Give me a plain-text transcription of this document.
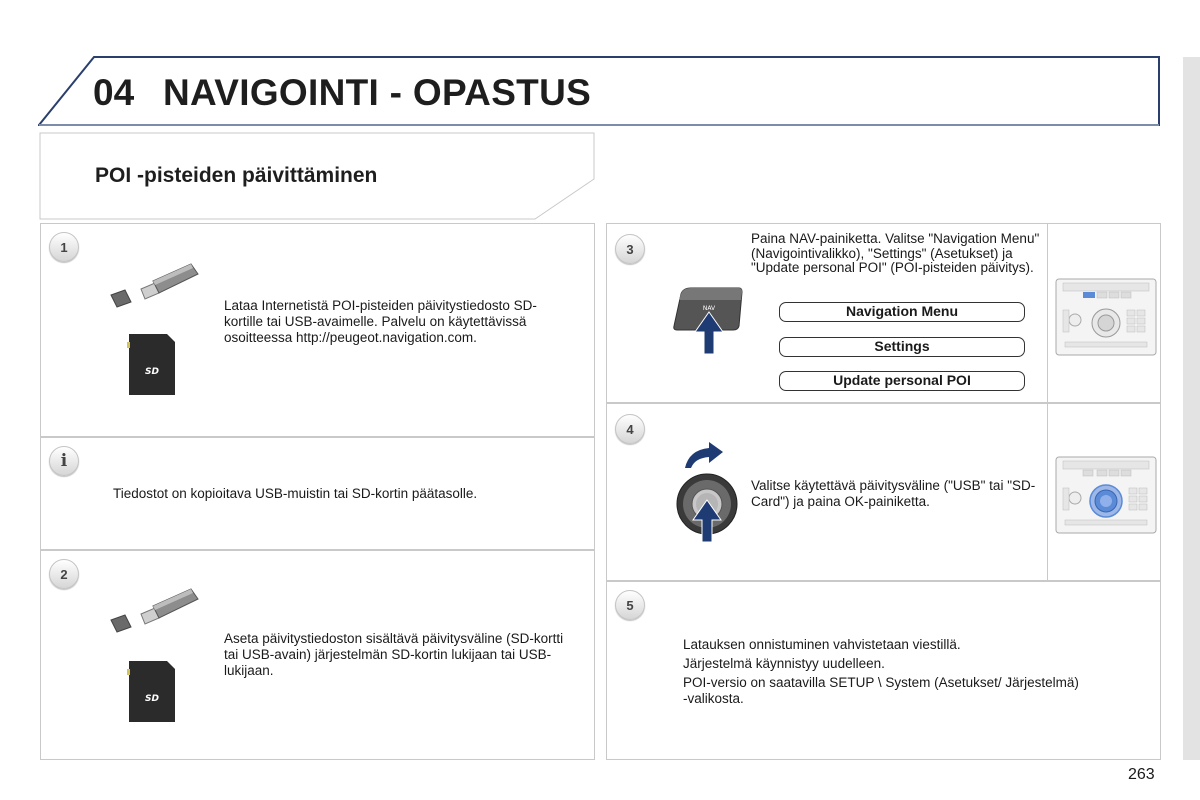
04 NAVIGOINTI - OPASTUS
POI -pisteiden päivittäminen
1
SD
Lataa Internetistä POI-pisteiden päivitystiedosto SD-kortille tai USB-avaimelle. Palvelu on käytettävissä osoitteessa http://peugeot.navigation.com.
i
Tiedostot on kopioitava USB-muistin tai SD-kortin päätasolle.
2
SD
Aseta päivitystiedoston sisältävä päivitysväline (SD-kortti tai USB-avain) järjestelmän SD-kortin lukijaan tai USB-lukijaan.
3
Paina NAV-painiketta. Valitse "Navigation Menu" (Navigointivalikko), "Settings" (Asetukset) ja "Update personal POI" (POI-pisteiden päivitys).
NAV	Navigation Menu
Settings
Update personal POI
4
Valitse käytettävä päivitysväline ("USB" tai "SD-Card") ja paina OK-painiketta.
5

Latauksen onnistuminen vahvistetaan viestillä.

Järjestelmä käynnistyy uudelleen.

POI-versio on saatavilla SETUP \ System (Asetukset/ Järjestelmä) -valikosta.

263
